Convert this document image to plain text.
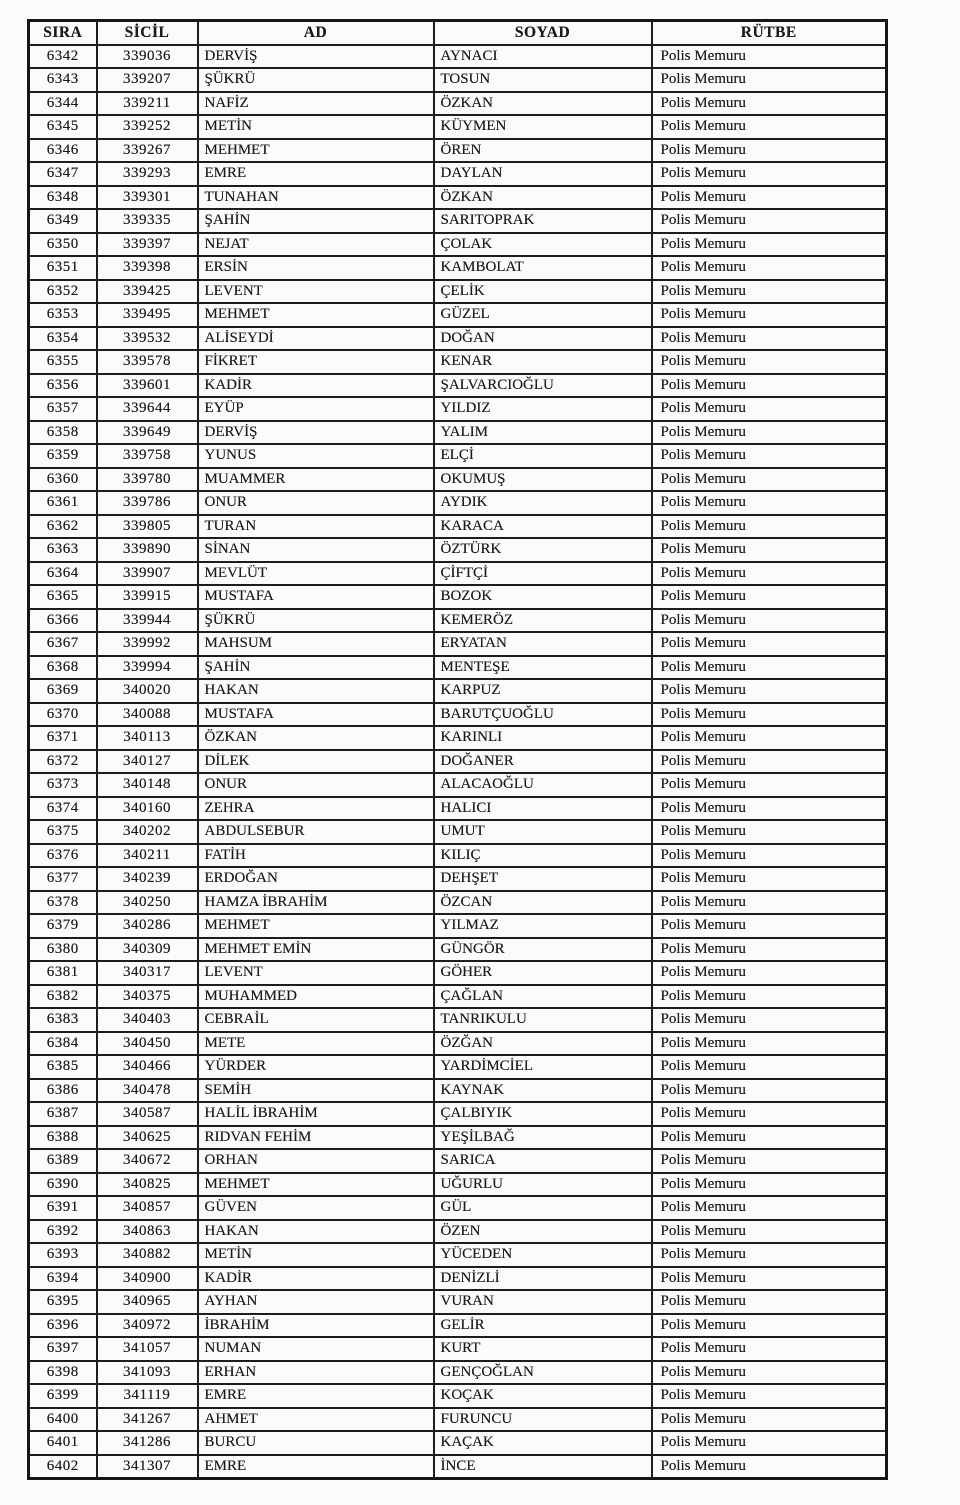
SIRA	SİCİL	AD	SOYAD	RÜTBE
6342	339036	DERVİŞ	AYNACI	Polis Memuru
6343	339207	ŞÜKRÜ	TOSUN	Polis Memuru
6344	339211	NAFİZ	ÖZKAN	Polis Memuru
6345	339252	METİN	KÜYMEN	Polis Memuru
6346	339267	MEHMET	ÖREN	Polis Memuru
6347	339293	EMRE	DAYLAN	Polis Memuru
6348	339301	TUNAHAN	ÖZKAN	Polis Memuru
6349	339335	ŞAHİN	SARITOPRAK	Polis Memuru
6350	339397	NEJAT	ÇOLAK	Polis Memuru
6351	339398	ERSİN	KAMBOLAT	Polis Memuru
6352	339425	LEVENT	ÇELİK	Polis Memuru
6353	339495	MEHMET	GÜZEL	Polis Memuru
6354	339532	ALİSEYDİ	DOĞAN	Polis Memuru
6355	339578	FİKRET	KENAR	Polis Memuru
6356	339601	KADİR	ŞALVARCIOĞLU	Polis Memuru
6357	339644	EYÜP	YILDIZ	Polis Memuru
6358	339649	DERVİŞ	YALIM	Polis Memuru
6359	339758	YUNUS	ELÇİ	Polis Memuru
6360	339780	MUAMMER	OKUMUŞ	Polis Memuru
6361	339786	ONUR	AYDIK	Polis Memuru
6362	339805	TURAN	KARACA	Polis Memuru
6363	339890	SİNAN	ÖZTÜRK	Polis Memuru
6364	339907	MEVLÜT	ÇİFTÇİ	Polis Memuru
6365	339915	MUSTAFA	BOZOK	Polis Memuru
6366	339944	ŞÜKRÜ	KEMERÖZ	Polis Memuru
6367	339992	MAHSUM	ERYATAN	Polis Memuru
6368	339994	ŞAHİN	MENTEŞE	Polis Memuru
6369	340020	HAKAN	KARPUZ	Polis Memuru
6370	340088	MUSTAFA	BARUTÇUOĞLU	Polis Memuru
6371	340113	ÖZKAN	KARINLI	Polis Memuru
6372	340127	DİLEK	DOĞANER	Polis Memuru
6373	340148	ONUR	ALACAOĞLU	Polis Memuru
6374	340160	ZEHRA	HALICI	Polis Memuru
6375	340202	ABDULSEBUR	UMUT	Polis Memuru
6376	340211	FATİH	KILIÇ	Polis Memuru
6377	340239	ERDOĞAN	DEHŞET	Polis Memuru
6378	340250	HAMZA İBRAHİM	ÖZCAN	Polis Memuru
6379	340286	MEHMET	YILMAZ	Polis Memuru
6380	340309	MEHMET EMİN	GÜNGÖR	Polis Memuru
6381	340317	LEVENT	GÖHER	Polis Memuru
6382	340375	MUHAMMED	ÇAĞLAN	Polis Memuru
6383	340403	CEBRAİL	TANRIKULU	Polis Memuru
6384	340450	METE	ÖZĞAN	Polis Memuru
6385	340466	YÜRDER	YARDİMCİEL	Polis Memuru
6386	340478	SEMİH	KAYNAK	Polis Memuru
6387	340587	HALİL İBRAHİM	ÇALBIYIK	Polis Memuru
6388	340625	RIDVAN FEHİM	YEŞİLBAĞ	Polis Memuru
6389	340672	ORHAN	SARICA	Polis Memuru
6390	340825	MEHMET	UĞURLU	Polis Memuru
6391	340857	GÜVEN	GÜL	Polis Memuru
6392	340863	HAKAN	ÖZEN	Polis Memuru
6393	340882	METİN	YÜCEDEN	Polis Memuru
6394	340900	KADİR	DENİZLİ	Polis Memuru
6395	340965	AYHAN	VURAN	Polis Memuru
6396	340972	İBRAHİM	GELİR	Polis Memuru
6397	341057	NUMAN	KURT	Polis Memuru
6398	341093	ERHAN	GENÇOĞLAN	Polis Memuru
6399	341119	EMRE	KOÇAK	Polis Memuru
6400	341267	AHMET	FURUNCU	Polis Memuru
6401	341286	BURCU	KAÇAK	Polis Memuru
6402	341307	EMRE	İNCE	Polis Memuru
